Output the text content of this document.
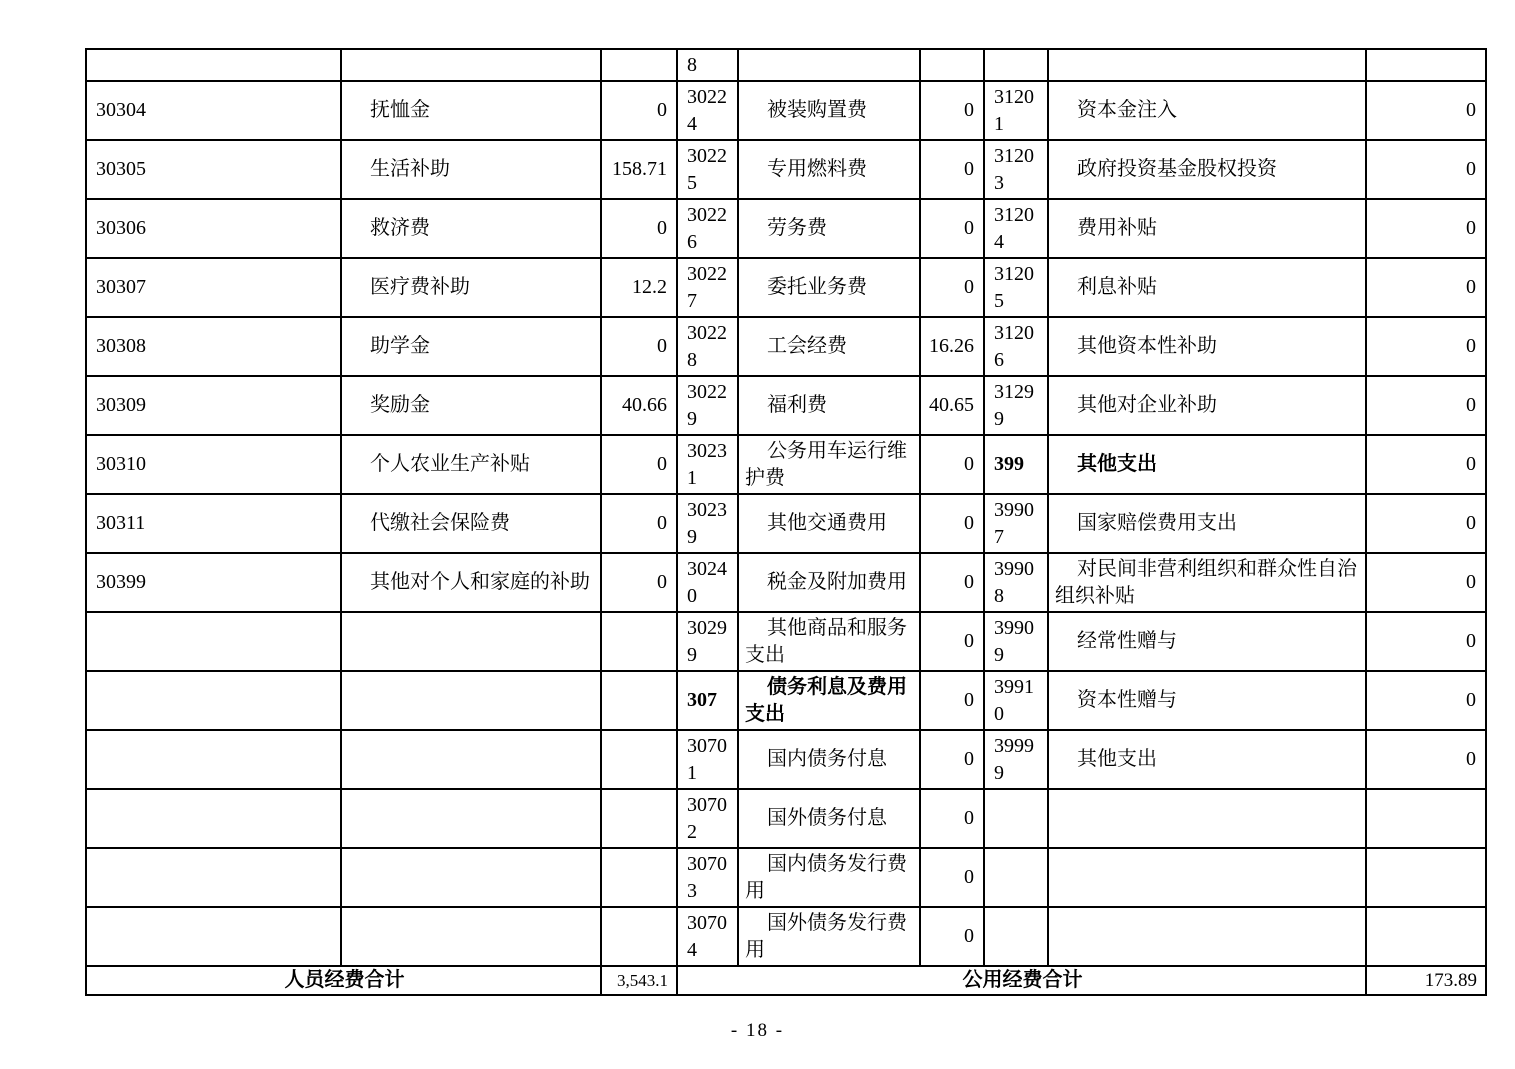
			8					
30304	抚恤金	0	30224	被装购置费	0	31201	资本金注入	0
30305	生活补助	158.71	30225	专用燃料费	0	31203	政府投资基金股权投资	0
30306	救济费	0	30226	劳务费	0	31204	费用补贴	0
30307	医疗费补助	12.2	30227	委托业务费	0	31205	利息补贴	0
30308	助学金	0	30228	工会经费	16.26	31206	其他资本性补助	0
30309	奖励金	40.66	30229	福利费	40.65	31299	其他对企业补助	0
30310	个人农业生产补贴	0	30231	公务用车运行维护费	0	399	其他支出	0
30311	代缴社会保险费	0	30239	其他交通费用	0	39907	国家赔偿费用支出	0
30399	其他对个人和家庭的补助	0	30240	税金及附加费用	0	39908	对民间非营利组织和群众性自治组织补贴	0
			30299	其他商品和服务支出	0	39909	经常性赠与	0
			307	债务利息及费用支出	0	39910	资本性赠与	0
			30701	国内债务付息	0	39999	其他支出	0
			30702	国外债务付息	0			
			30703	国内债务发行费用	0			
			30704	国外债务发行费用	0			
人员经费合计		3,543.1	公用经费合计					173.89
- 18 -
